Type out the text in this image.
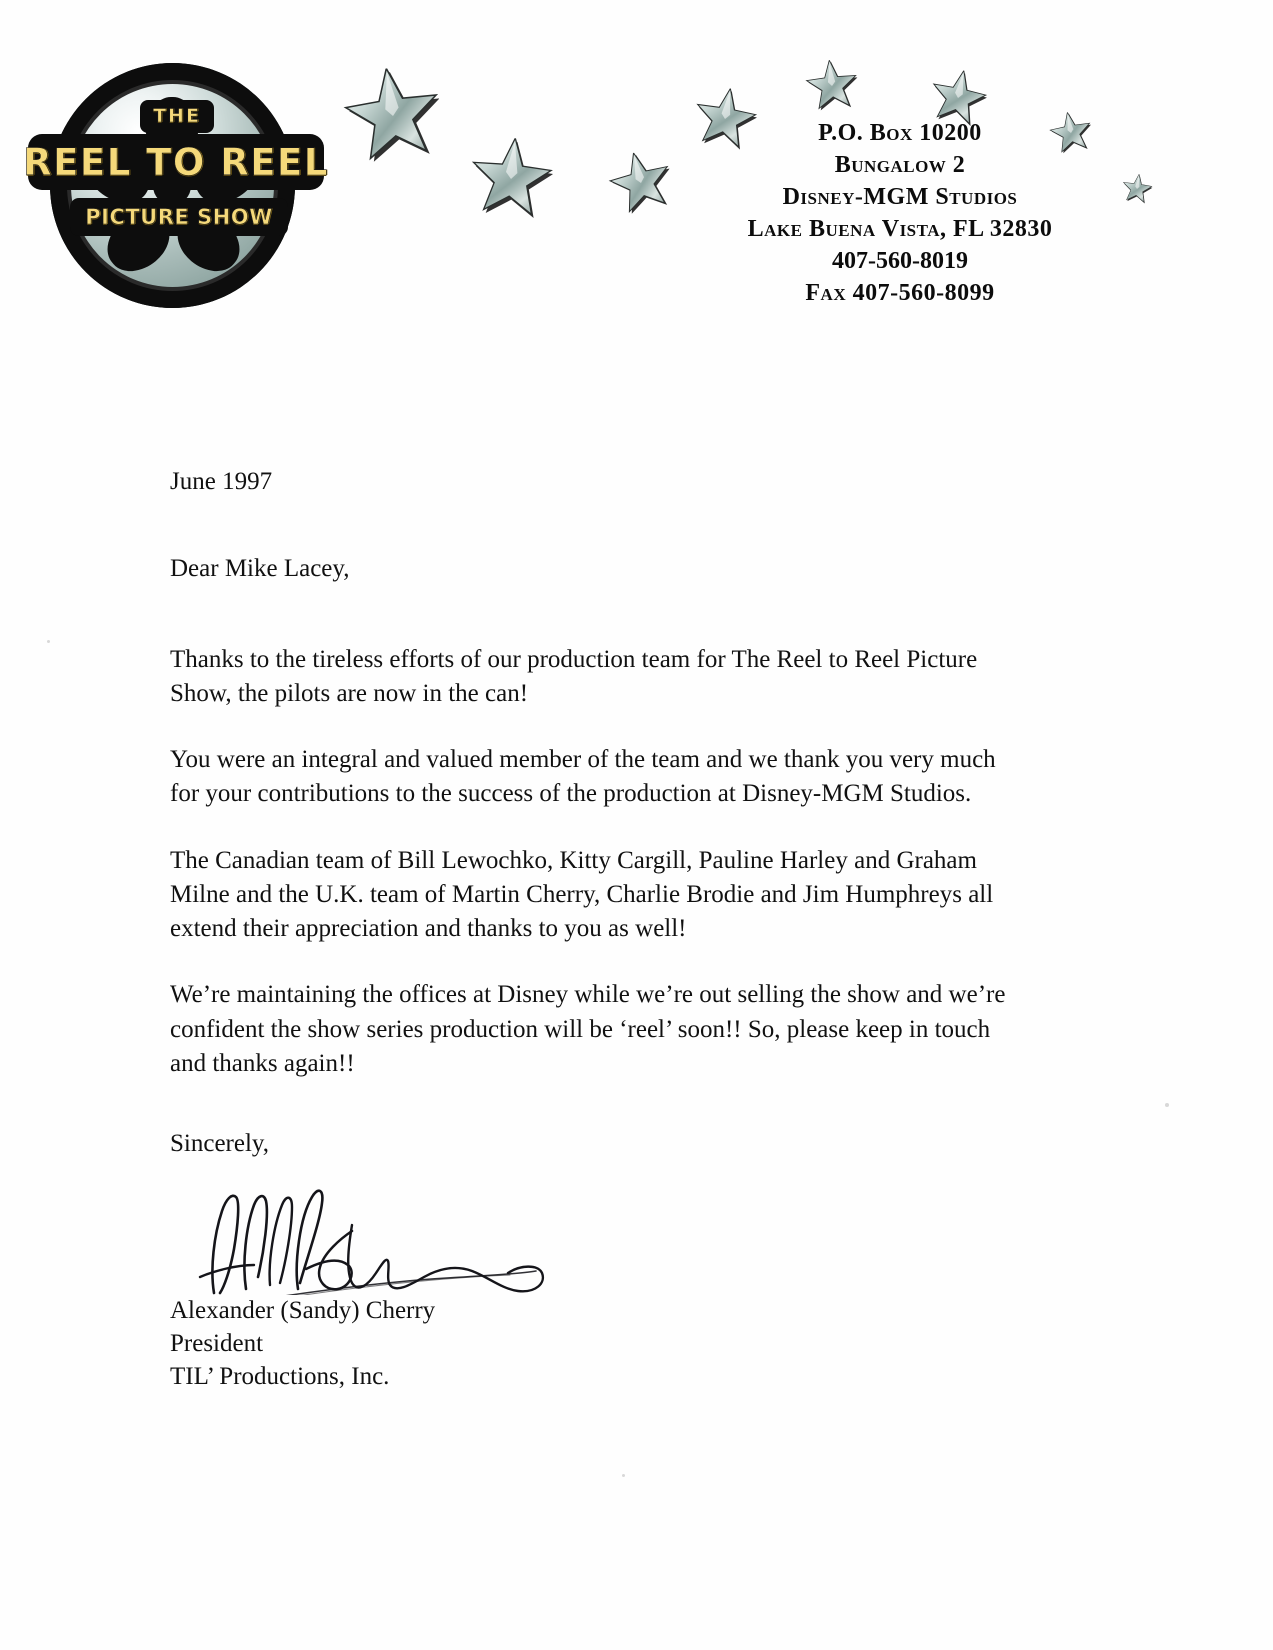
THE
REEL TO REEL
PICTURE SHOW
P.O. Box 10200
Bungalow 2
Disney-MGM Studios
Lake Buena Vista, FL 32830
407-560-8019
Fax 407-560-8099
June 1997
Dear Mike Lacey,

Thanks to the tireless efforts of our production team for The Reel to Reel Picture Show, the pilots are now in the can!

You were an integral and valued member of the team and we thank you very much for your contributions to the success of the production at Disney-MGM Studios.

The Canadian team of Bill Lewochko, Kitty Cargill, Pauline Harley and Graham Milne and the U.K. team of Martin Cherry, Charlie Brodie and Jim Humphreys all extend their appreciation and thanks to you as well!

We’re maintaining the offices at Disney while we’re out selling the show and we’re confident the show series production will be ‘reel’ soon!! So, please keep in touch and thanks again!!

Sincerely,

Alexander (Sandy) Cherry

President

TIL’ Productions, Inc.
